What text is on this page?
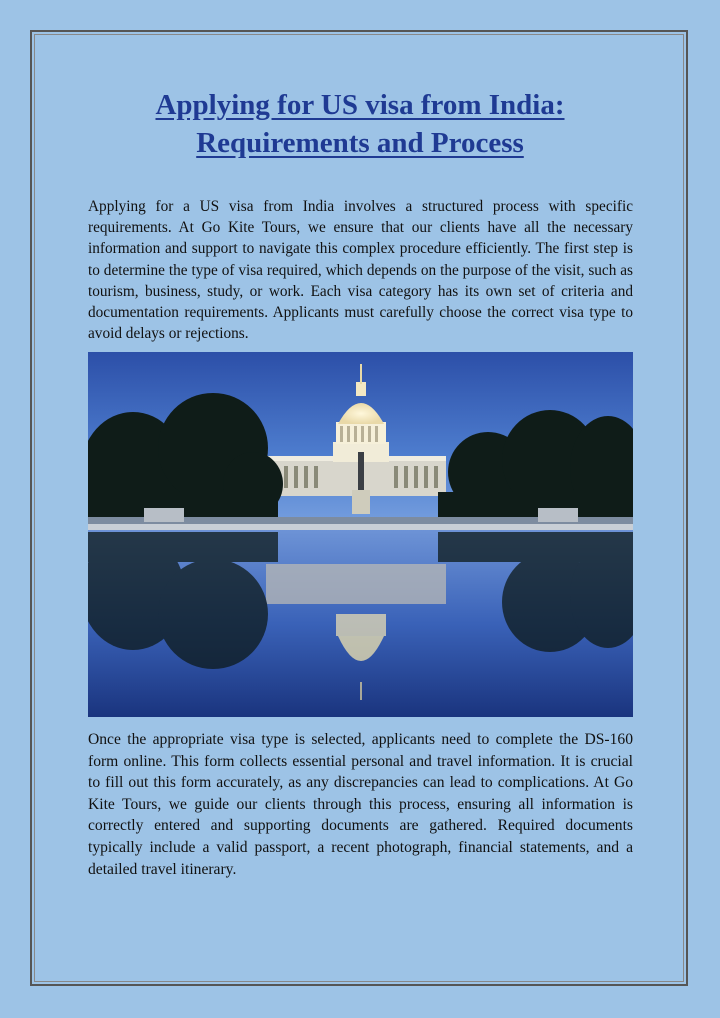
Applying for US visa from India:
Requirements and Process

Applying for a US visa from India involves a structured process with specific requirements. At Go Kite Tours, we ensure that our clients have all the necessary information and support to navigate this complex procedure efficiently. The first step is to determine the type of visa required, which depends on the purpose of the visit, such as tourism, business, study, or work. Each visa category has its own set of criteria and documentation requirements. Applicants must carefully choose the correct visa type to avoid delays or rejections.

Once the appropriate visa type is selected, applicants need to complete the DS-160 form online. This form collects essential personal and travel information. It is crucial to fill out this form accurately, as any discrepancies can lead to complications. At Go Kite Tours, we guide our clients through this process, ensuring all information is correctly entered and supporting documents are gathered. Required documents typically include a valid passport, a recent photograph, financial statements, and a detailed travel itinerary.
